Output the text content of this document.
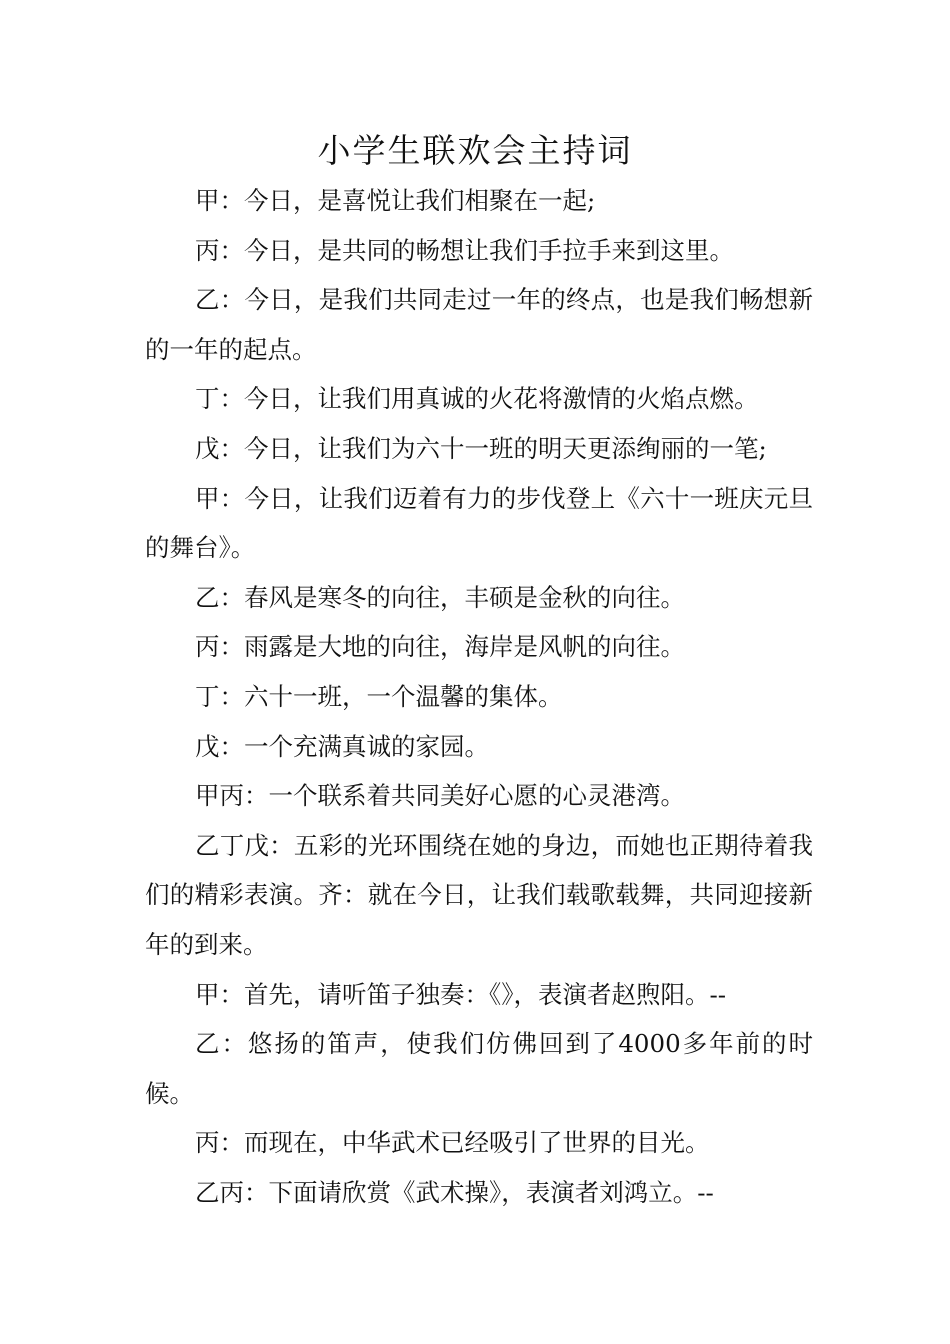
小学生联欢会主持词

甲：今日，是喜悦让我们相聚在一起;

丙：今日，是共同的畅想让我们手拉手来到这里。

乙：今日，是我们共同走过一年的终点，也是我们畅想新的一年的起点。

丁：今日，让我们用真诚的火花将激情的火焰点燃。

戊：今日，让我们为六十一班的明天更添绚丽的一笔;

甲：今日，让我们迈着有力的步伐登上《六十一班庆元旦的舞台》。

乙：春风是寒冬的向往，丰硕是金秋的向往。

丙：雨露是大地的向往，海岸是风帆的向往。

丁：六十一班，一个温馨的集体。

戊：一个充满真诚的家园。

甲丙：一个联系着共同美好心愿的心灵港湾。

乙丁戊：五彩的光环围绕在她的身边，而她也正期待着我们的精彩表演。齐：就在今日，让我们载歌载舞，共同迎接新年的到来。

甲：首先，请听笛子独奏：《》，表演者赵煦阳。--

乙：悠扬的笛声，使我们仿佛回到了4000多年前的时候。

丙：而现在，中华武术已经吸引了世界的目光。

乙丙：下面请欣赏《武术操》，表演者刘鸿立。--
